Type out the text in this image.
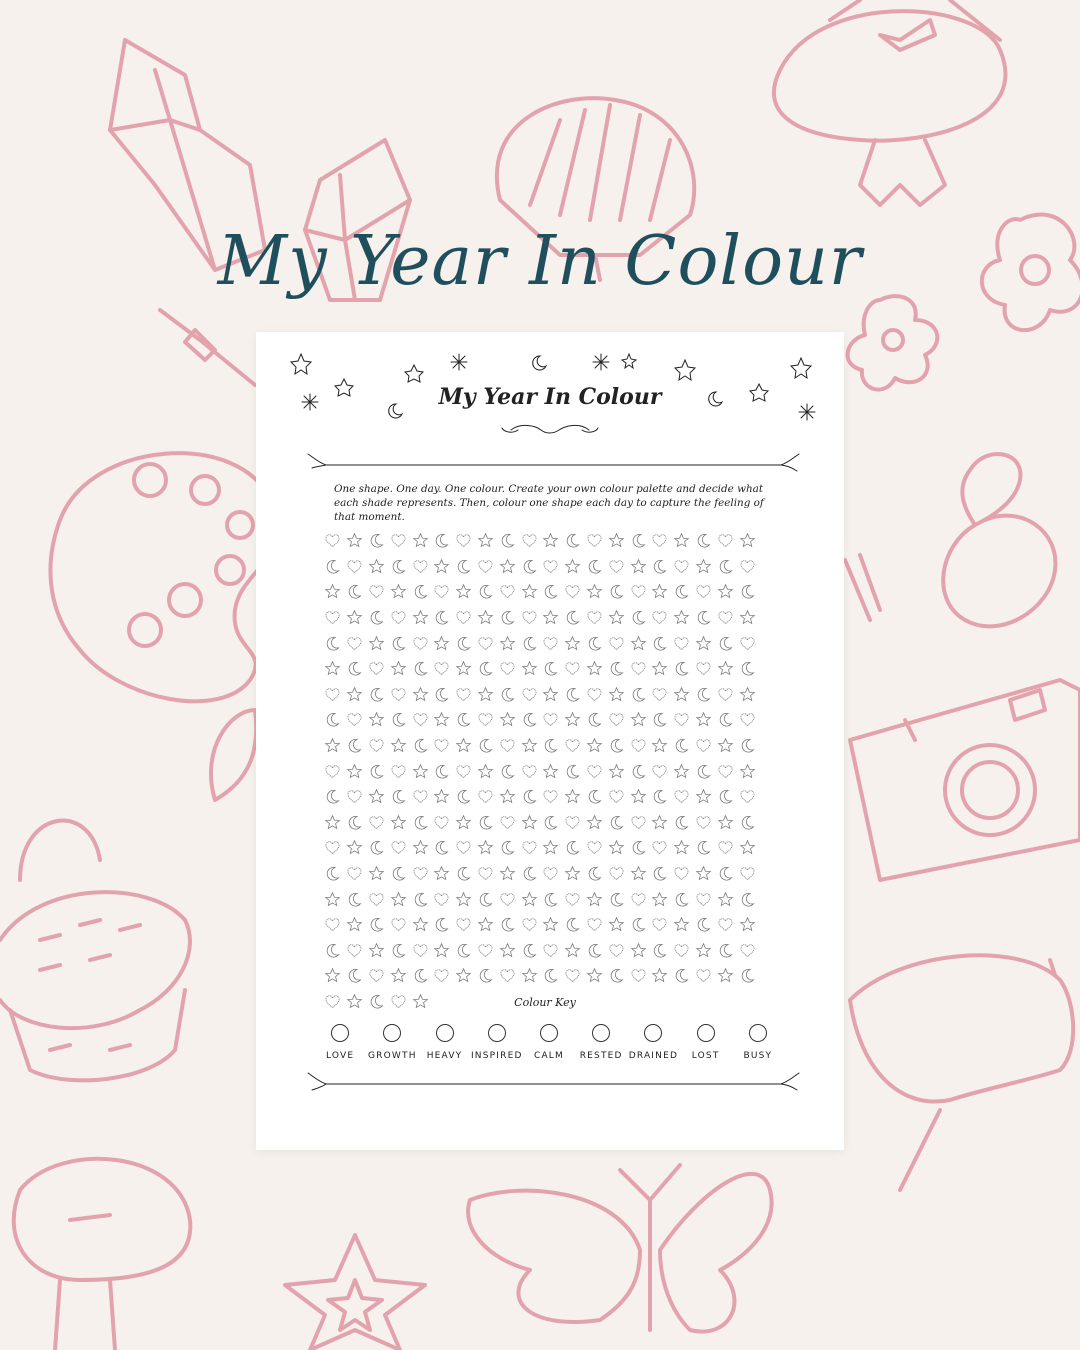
My Year In Colour
My Year In Colour
One shape. One day. One colour. Create your own colour palette and decide what each shade represents. Then, colour one shape each day to capture the feeling of that moment.
Colour Key
LOVE GROWTH HEAVY INSPIRED CALM RESTED DRAINED LOST	BUSY
